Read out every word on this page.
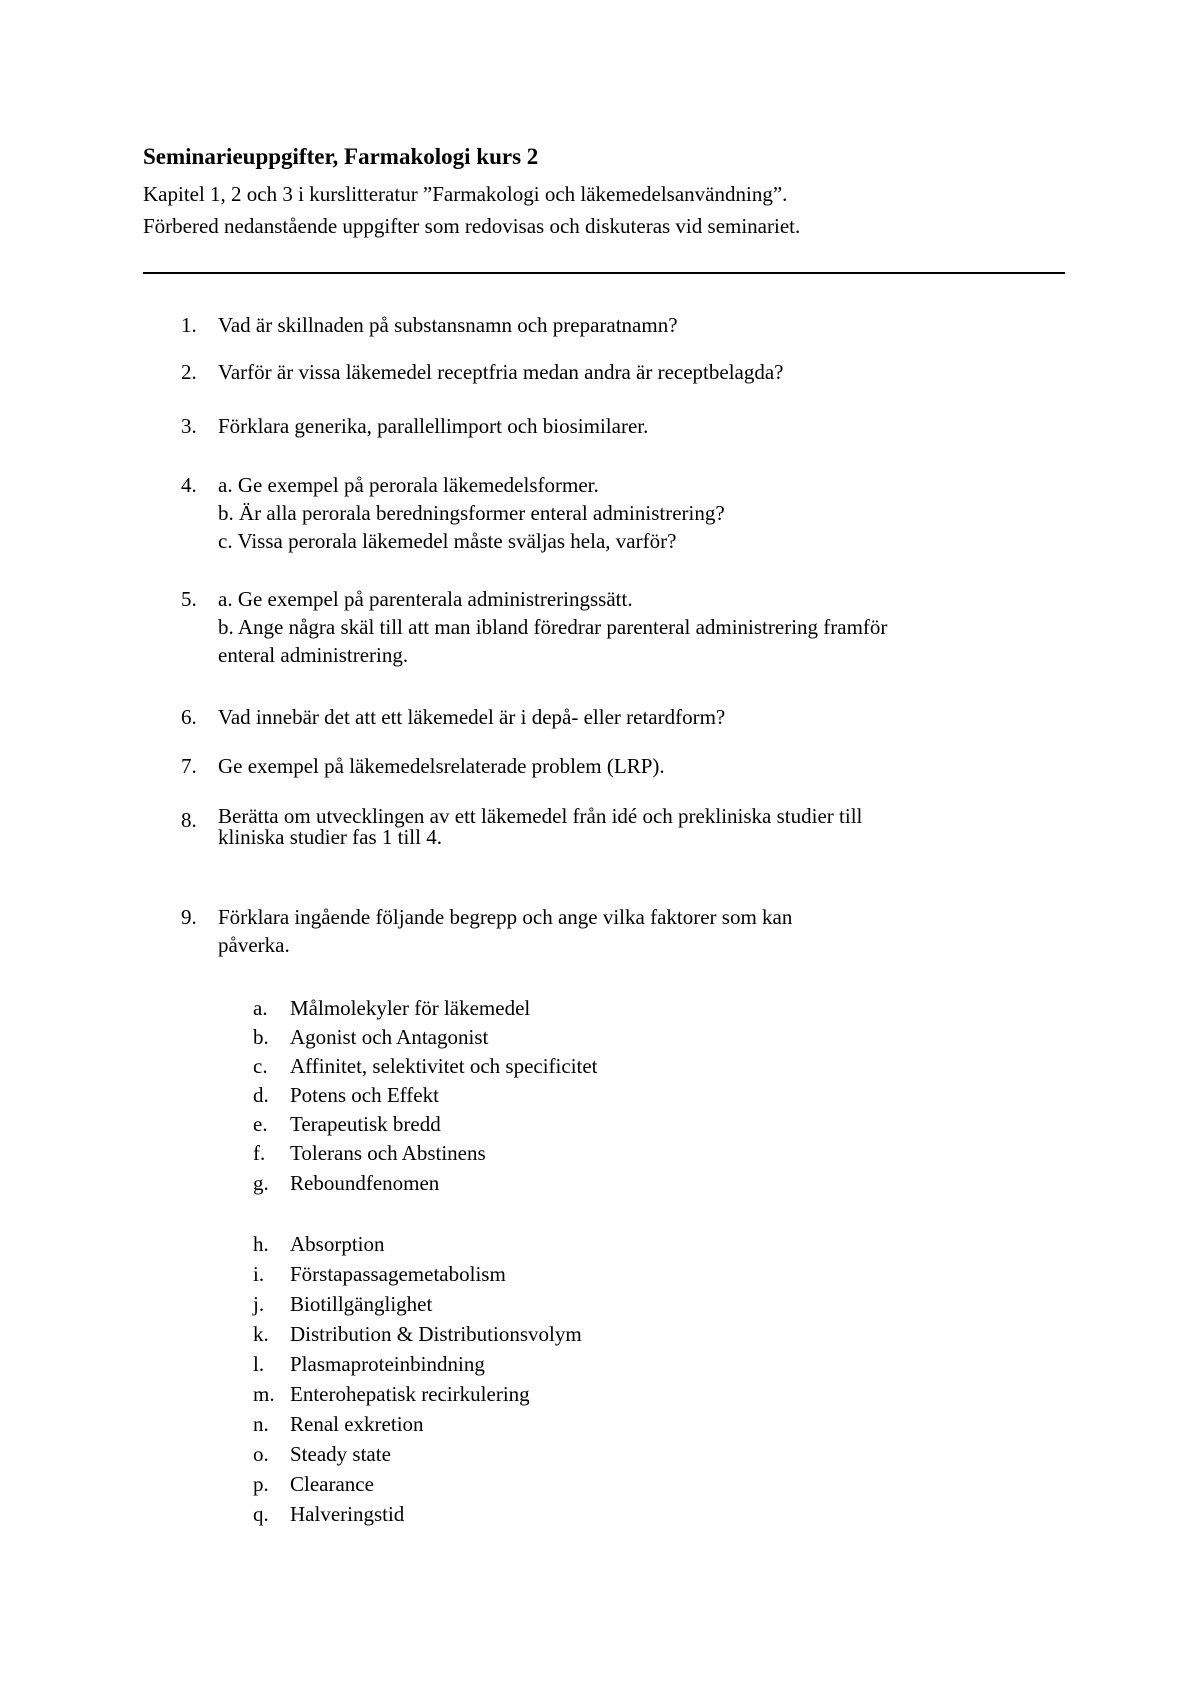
Seminarieuppgifter, Farmakologi kurs 2

Kapitel 1, 2 och 3 i kurslitteratur ”Farmakologi och läkemedelsanvändning”.

Förbered nedanstående uppgifter som redovisas och diskuteras vid seminariet.

1.	Vad är skillnaden på substansnamn och preparatnamn?
2.	Varför är vissa läkemedel receptfria medan andra är receptbelagda?
3.	Förklara generika, parallellimport och biosimilarer.
4.	a. Ge exempel på perorala läkemedelsformer.
b. Är alla perorala beredningsformer enteral administrering?
c. Vissa perorala läkemedel måste sväljas hela, varför?
5.	a. Ge exempel på parenterala administreringssätt.
b. Ange några skäl till att man ibland föredrar parenteral administrering framför
enteral administrering.
6.	Vad innebär det att ett läkemedel är i depå- eller retardform?
7.	Ge exempel på läkemedelsrelaterade problem (LRP).
8.	Berätta om utvecklingen av ett läkemedel från idé och prekliniska studier till
kliniska studier fas 1 till 4.
9.	Förklara ingående följande begrepp och ange vilka faktorer som kan
påverka.
a.	Målmolekyler för läkemedel
b.	Agonist och Antagonist
c.	Affinitet, selektivitet och specificitet
d.	Potens och Effekt
e.	Terapeutisk bredd
f.	Tolerans och Abstinens
g.	Reboundfenomen
h.	Absorption
i.	Förstapassagemetabolism
j.	Biotillgänglighet
k.	Distribution & Distributionsvolym
l.	Plasmaproteinbindning
m. Enterohepatisk recirkulering
n.	Renal exkretion
o.	Steady state
p.	Clearance
q.	Halveringstid
